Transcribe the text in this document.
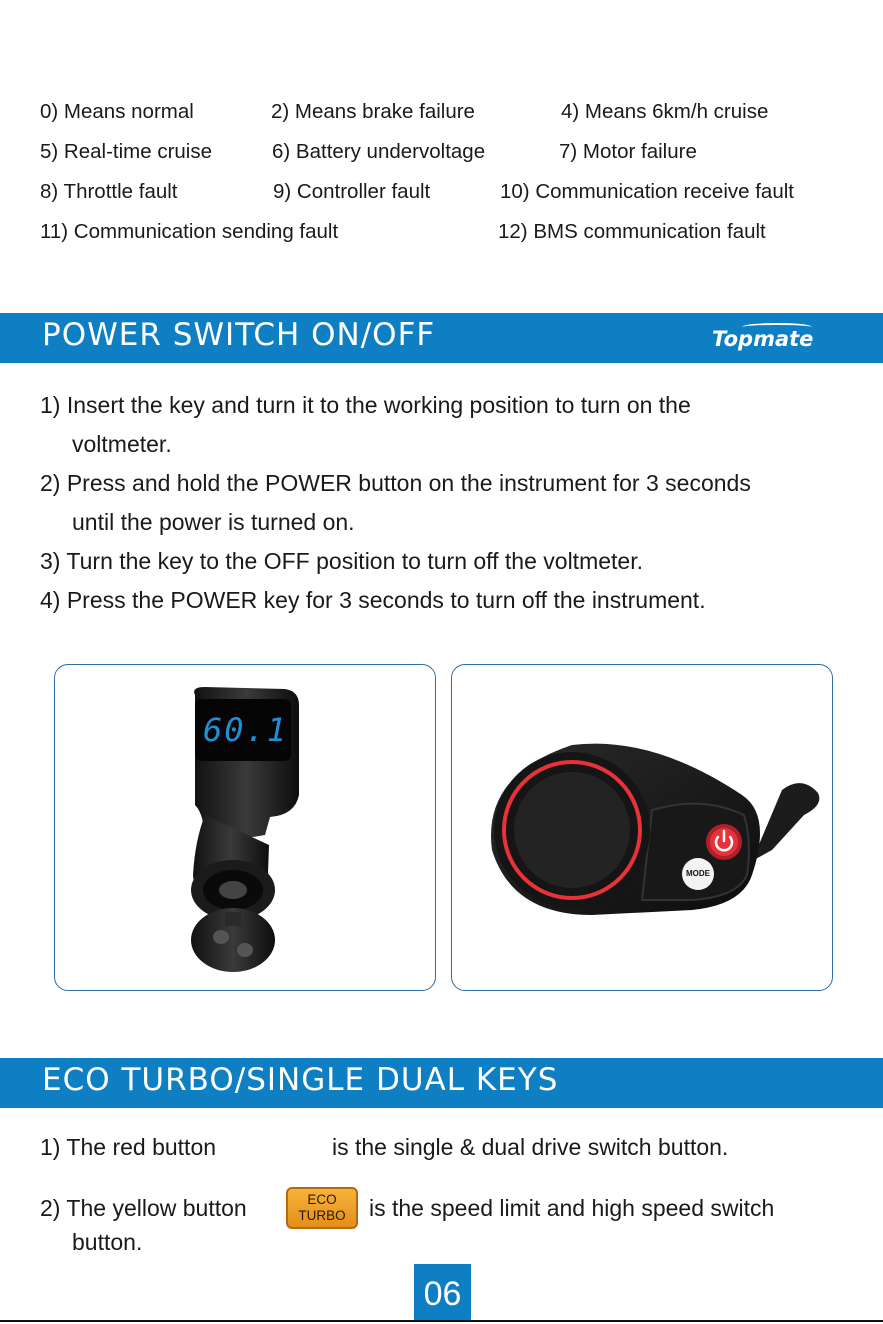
0) Means normal	2) Means brake failure	4) Means 6km/h cruise
5) Real-time cruise	6) Battery undervoltage	7) Motor failure
8) Throttle fault	9) Controller fault	10) Communication receive fault
11) Communication sending fault	12) BMS communication fault
POWER SWITCH ON/OFF	Topmate

1) Insert the key and turn it to the working position to turn on the
voltmeter.

2) Press and hold the POWER button on the instrument for 3 seconds
until the power is turned on.

3) Turn the key to the OFF position to turn off the voltmeter.

4) Press the POWER key for 3 seconds to turn off the instrument.

60.1
MODE
ECO TURBO/SINGLE DUAL KEYS
1) The red button	is the single & dual drive switch button.
2) The yellow button	ECO
TURBO	is the speed limit and high speed switch
button.
06
